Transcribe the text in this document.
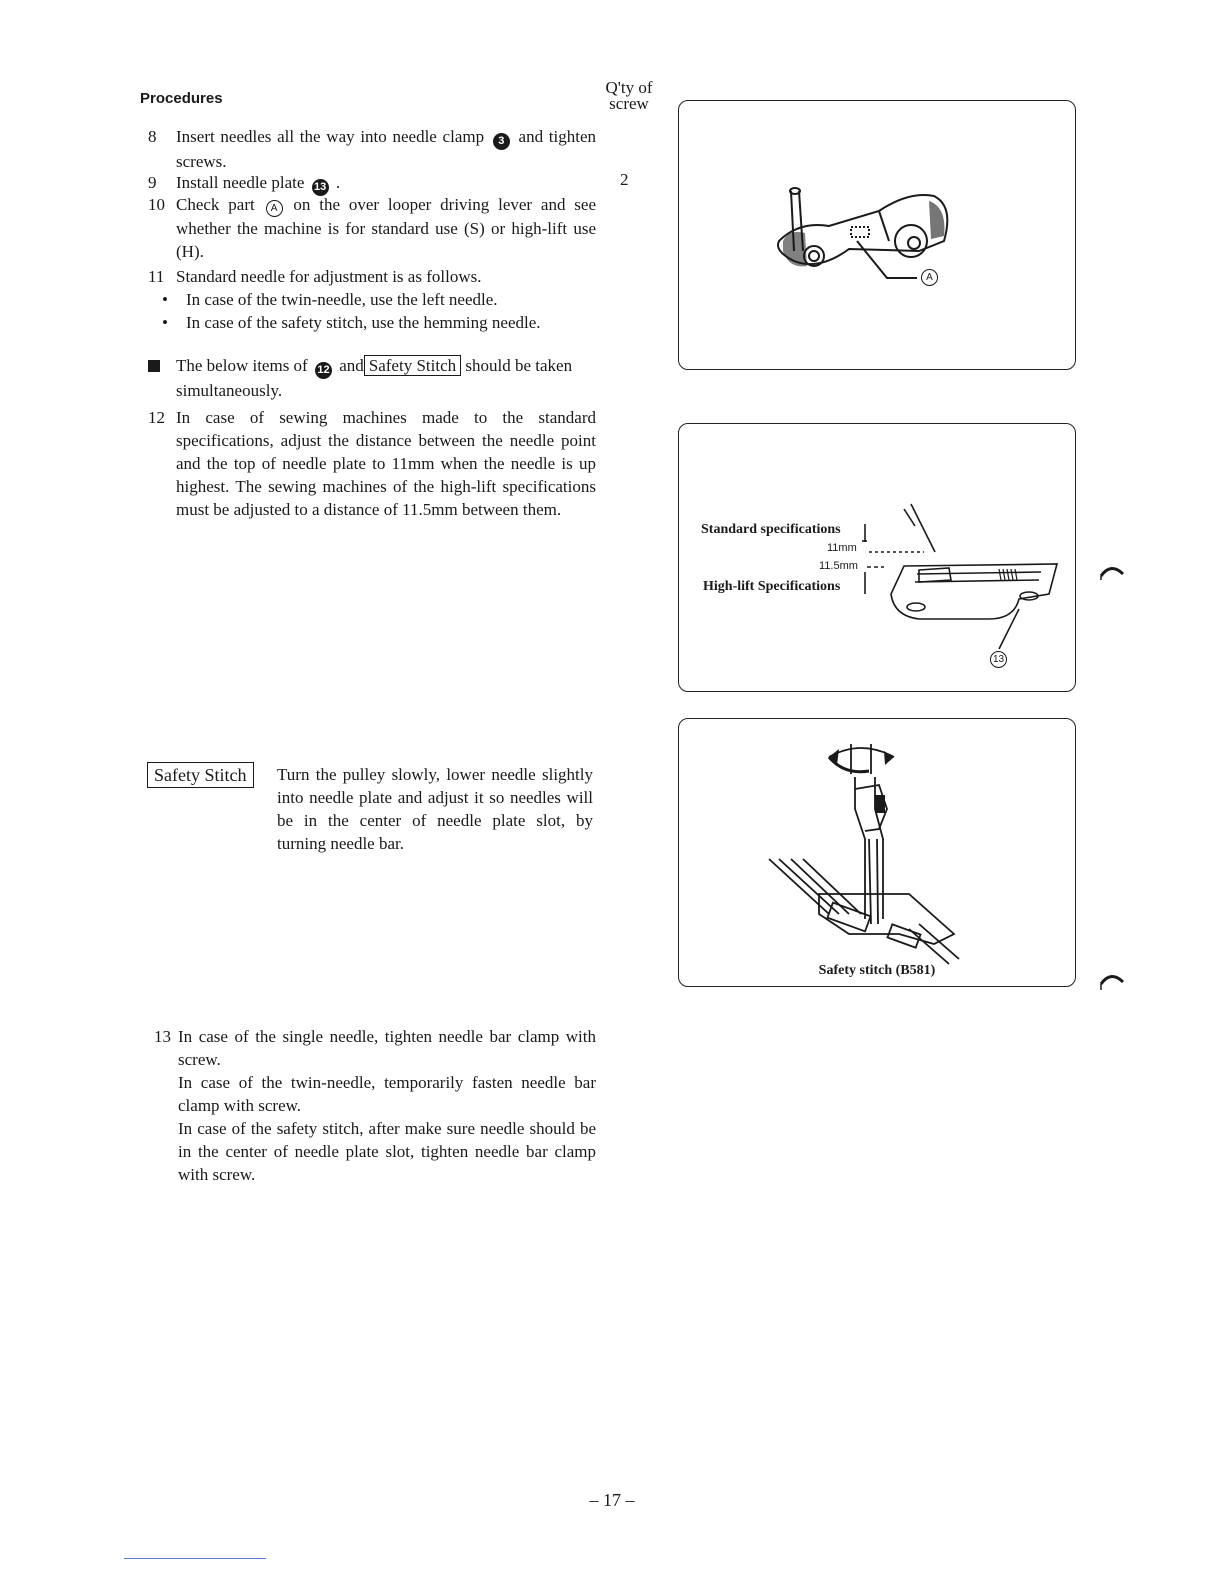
Procedures
Q'ty of
screw
2
8	Insert needles all the way into needle clamp 3 and tighten screws.
9	Install needle plate 13 .
10 Check part A on the over looper driving lever and see whether the machine is for standard use (S) or high-lift use (H).
11 Standard needle for adjustment is as follows.
• In case of the twin-needle, use the left needle.
• In case of the safety stitch, use the hemming needle.
The below items of 12 and Safety Stitch should be taken simultaneously.
12 In case of sewing machines made to the standard specifications, adjust the distance between the needle point and the top of needle plate to 11mm when the needle is up highest. The sewing machines of the high-lift specifications must be adjusted to a distance of 11.5mm between them.
Safety Stitch	Turn the pulley slowly, lower needle slightly into needle plate and adjust it so needles will be in the center of needle plate slot, by turning needle bar.
13 In case of the single needle, tighten needle bar clamp with screw.
In case of the twin-needle, temporarily fasten needle bar clamp with screw.
In case of the safety stitch, after make sure needle should be in the center of needle plate slot, tighten needle bar clamp with screw.
A
Standard specifications
11mm
11.5mm
High-lift Specifications
13
Safety stitch (B581)
– 17 –
